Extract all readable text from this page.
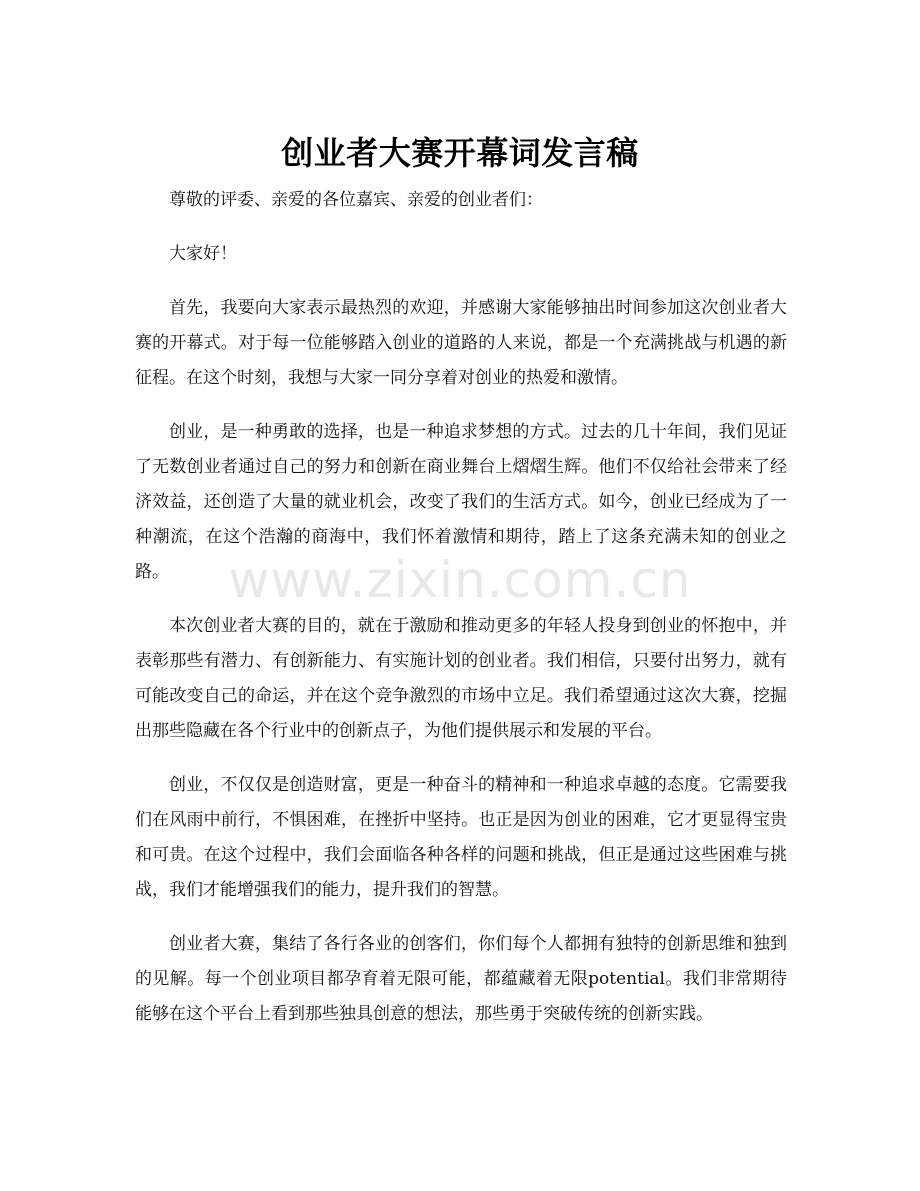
创业者大赛开幕词发言稿

尊敬的评委、亲爱的各位嘉宾、亲爱的创业者们：

大家好！

首先，我要向大家表示最热烈的欢迎，并感谢大家能够抽出时间参加这次创业者大赛的开幕式。对于每一位能够踏入创业的道路的人来说，都是一个充满挑战与机遇的新征程。在这个时刻，我想与大家一同分享着对创业的热爱和激情。

创业，是一种勇敢的选择，也是一种追求梦想的方式。过去的几十年间，我们见证了无数创业者通过自己的努力和创新在商业舞台上熠熠生辉。他们不仅给社会带来了经济效益，还创造了大量的就业机会，改变了我们的生活方式。如今，创业已经成为了一种潮流，在这个浩瀚的商海中，我们怀着激情和期待，踏上了这条充满未知的创业之路。

本次创业者大赛的目的，就在于激励和推动更多的年轻人投身到创业的怀抱中，并表彰那些有潜力、有创新能力、有实施计划的创业者。我们相信，只要付出努力，就有可能改变自己的命运，并在这个竞争激烈的市场中立足。我们希望通过这次大赛，挖掘出那些隐藏在各个行业中的创新点子，为他们提供展示和发展的平台。

创业，不仅仅是创造财富，更是一种奋斗的精神和一种追求卓越的态度。它需要我们在风雨中前行，不惧困难，在挫折中坚持。也正是因为创业的困难，它才更显得宝贵和可贵。在这个过程中，我们会面临各种各样的问题和挑战，但正是通过这些困难与挑战，我们才能增强我们的能力，提升我们的智慧。

创业者大赛，集结了各行各业的创客们，你们每个人都拥有独特的创新思维和独到的见解。每一个创业项目都孕育着无限可能，都蕴藏着无限potential。我们非常期待能够在这个平台上看到那些独具创意的想法，那些勇于突破传统的创新实践。

www.zixin.com.cn
